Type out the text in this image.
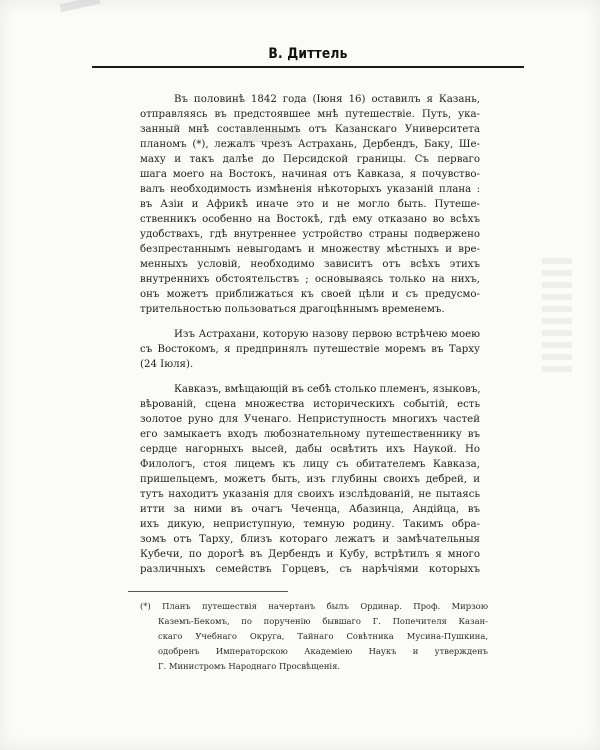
В. Диттель
Въ половинѣ 1842 года (Іюня 16) оставилъ я Казань,
отправляясь въ предстоявшее мнѣ путешествіе. Путь, ука-
занный мнѣ составленнымъ отъ Казанскаго Университета
планомъ (*), лежалъ чрезъ Астрахань, Дербендъ, Баку, Ше-
маху и такъ далѣе до Персидской границы. Съ перваго
шага моего на Востокъ, начиная отъ Кавказа, я почувство-
валъ необходимость измѣненія нѣкоторыхъ указаній плана :
въ Азіи и Африкѣ иначе это и не могло быть. Путеше-
ственникъ особенно на Востокѣ, гдѣ ему отказано во всѣхъ
удобствахъ, гдѣ внутреннее устройство страны подвержено
безпрестаннымъ невыгодамъ и множеству мѣстныхъ и вре-
менныхъ условій, необходимо зависитъ отъ всѣхъ этихъ
внутреннихъ обстоятельствъ ; основываясь только на нихъ,
онъ можетъ приближаться къ своей цѣли и съ предусмо-
трительностью пользоваться драгоцѣннымъ временемъ.
Изъ Астрахани, которую назову первою встрѣчею моею
съ Востокомъ, я предпринялъ путешествіе моремъ въ Тарху
(24 Іюля).
Кавказъ, вмѣщающій въ себѣ столько племенъ, языковъ,
вѣрованій, сцена множества историческихъ событій, есть
золотое руно для Ученаго. Неприступность многихъ частей
его замыкаетъ входъ любознательному путешественнику въ
сердце нагорныхъ высей, дабы освѣтить ихъ Наукой. Но
Филологъ, стоя лицемъ къ лицу съ обитателемъ Кавказа,
пришельцемъ, можетъ быть, изъ глубины своихъ дебрей, и
тутъ находитъ указанія для своихъ изслѣдованій, не пытаясь
итти за ними въ очагъ Чеченца, Абазинца, Андійца, въ
ихъ дикую, неприступную, темную родину. Такимъ обра-
зомъ отъ Тарху, близъ котораго лежатъ и замѣчательныя
Кубечи, по дорогѣ въ Дербендъ и Кубу, встрѣтилъ я много
различныхъ семействъ Горцевъ, съ нарѣчіями которыхъ
(*) Планъ путешествія начертанъ былъ Ординар. Проф. Мирзою
Каземъ-Бекомъ, по порученію бывшаго Г. Попечителя Казан-
скаго Учебнаго Округа, Тайнаго Совѣтника Мусина-Пушкина,
одобренъ Императорскою Академіею Наукъ и утвержденъ
Г. Министромъ Народнаго Просвѣщенія.
